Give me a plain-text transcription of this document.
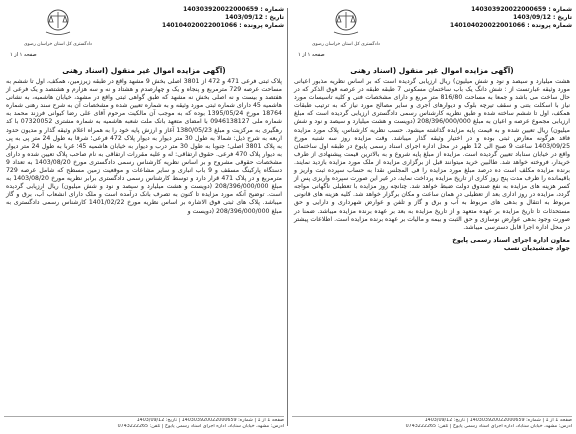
شماره : 140303920022000659
تاریخ : 1403/09/12
شماره پرونده : 140104020022001066
دادگستری کل استان خراسان رضوی
صفحه ۱ از ۱
(آگهی مزایده اموال غیر منقول (اسناد رهنی

هشت میلیارد و سیصد و نود و شش میلیون) ریال ارزیابی گردیده است که بر اساس نظریه مذبور اعیانی مورد وثیقه عبارتست از : شش دانگ یک باب ساختمان مسکونی 7 طبقه طبقه در عرصه فوق الذکر که در حال ساخت می باشد و جمعا به مساحت 816/80 متر مربع و دارای مشخصات فنی و کلیه تاسیسات مورد نیاز با اسکلت بتنی و سقف تیرچه بلوک و دیوارهای آجری و سایر مصالح مورد نیاز که به ترتیب طبقات همکف، اول تا ششم ساخته شده و طبق نظریه کارشناس رسمی دادگستری ارزیابی گردیده است که مبلغ ارزیابی مجموع عرصه و اعیان به مبلغ 208/396/000/000 (دویست و هشت میلیارد و سیصد و نود و شش میلیون) ریال تعیین شده و به قیمت پایه مزایده گذاشته میشود. حسب نظریه کارشناس، پلاک مورد مزایده فاقد هرگونه معارض ثبتی بوده و در اختیار وثیقه گذار میباشد. وقت مزایده روز سه شنبه مورخ 1403/09/25 ساعت 9 صبح الی 12 ظهر در محل اداره اجرای اسناد رسمی پایوخ در طبقه اول ساختمان واقع در خیابان سناباد تعیین گردیده است. مزایده از مبلغ پایه شروع و به بالاترین قیمت پیشنهادی از طرف خریدار، فروخته خواهد شد. طالبین خرید میتوانند قبل از برگزاری مزایده از ملک مورد مزایده بازدید نمایند. برنده مزایده مکلف است ده درصد مبلغ مورد مزایده را فی المجلس نقدا به حساب سپرده ثبت واریز و باقیمانده را ظرف مدت پنج روز کاری از تاریخ مزایده پرداخت نماید، در غیر این صورت سپرده واریزی پس از کسر هزینه های مزایده به نفع صندوق دولت ضبط خواهد شد. چنانچه روز مزایده با تعطیلی ناگهانی مواجه گردد، مزایده در روز اداری بعد از تعطیلی در همان ساعت و مکان برگزار خواهد شد. کلیه هزینه های قانونی مربوط به انتقال و بدهی های مربوط به آب و برق و گاز و تلفن و عوارض شهرداری و دارایی و حق مستحدثات تا تاریخ مزایده بر عهده متعهد و از تاریخ مزایده به بعد بر عهده برنده مزایده میباشد. ضمنا در صورت وجود بدهی عوارض نوسازی و حق الثبت و بیمه و مالیات بر عهده برنده مزایده است. اطلاعات پیشتر در محل اداره اجرا قابل دسترسی میباشد.

معاون اداره اجرای اسناد رسمی پایوخ
جواد جمشیدیان نسب
صفحه 1 از 1 | شماره: 140303920022000659 | تاریخ: 1403/09/12
آدرس: مشهد، خیابان سناباد، اداره اجرای اسناد رسمی پایوخ | تلفن: 0743222265
شماره : 140303920022000659
تاریخ : 1403/09/12
شماره پرونده : 140104020022001066
دادگستری کل استان خراسان رضوی
صفحه ۱ از ۱
(آگهی مزایده اموال غیر منقول (اسناد رهنی

پلاک ثبتی فرعی 471 و 472 از 3801 اصلی بخش 9 مشهد واقع در طبقه زیرزمین، همکف، اول تا ششم به مساحت عرصه 729 مترمربع و پنجاه و یک و چهارصدم و هشتاد و نه و سه هزارم و هشتصد و یک فرعی از هفتصد و بیست و نه اصلی بخش نه مشهد که طبق گواهی ثبتی واقع در مشهد، خیابان هاشمیه، به نشانی هاشمیه 45 دارای شماره ثبتی مورد وثیقه و به شماره تعیین شده و مشخصات آن به شرح سند رهنی شماره 18764 مورخ 1395/05/24 بوده که به موجب آن مالکیت مرحوم آقای علی رضا کیوانی فرزند محمد به شماره ملی 0946138127 با امضای متعهد بانک ملت شعبه هاشمیه به شماره مشتری 07320052 با کد رهگیری به مرکزیت و مبلغ 1380/05/23 آغاز و ارزش پایه خود را به همراه اعلام وثیقه گذار و مدیون حدود اربعه به شرح ذیل: شمالا به طول 30 متر دیوار به دیوار پلاک 472 فرعی؛ شرقا به طول 24 متر پی به پی به پلاک 3801 اصلی؛ جنوبا به طول 30 متر درب و دیوار به خیابان هاشمیه 45؛ غربا به طول 24 متر دیوار به دیوار پلاک 470 فرعی. حقوق ارتفاقی: له و علیه مقررات ارتفاقی به نام صاحب پلاک تعیین شده و دارای مشخصات حقوقی مشروح و بر اساس نظریه کارشناس رسمی دادگستری مورخ 1403/08/20 به تعداد 9 دستگاه پارکینگ مسقف و 9 باب انباری و سایر مشاعات و موقعیت زمین مسطح که شامل عرصه 729 مترمربع و در پلاک 471 قرار دارد و توسط کارشناس رسمی دادگستری برابر نظریه مورخ 1403/08/20 به مبلغ 208/396/000/000 (دویست و هشت میلیارد و سیصد و نود و شش میلیون) ریال ارزیابی گردیده است. توضیح آنکه مورد مزایده تا کنون به تصرف بانک درآمده است و ملک دارای انشعاب آب، برق و گاز میباشد. پلاک های ثبتی فوق الاشاره بر اساس نظریه مورخ 1401/02/22 کارشناس رسمی دادگستری به مبلغ 208/396/000/000 (دویست و

صفحه 1 از 1 | شماره: 140303920022000659 | تاریخ: 1403/09/12
آدرس: مشهد، خیابان سناباد، اداره اجرای اسناد رسمی پایوخ | تلفن: 0743222265
